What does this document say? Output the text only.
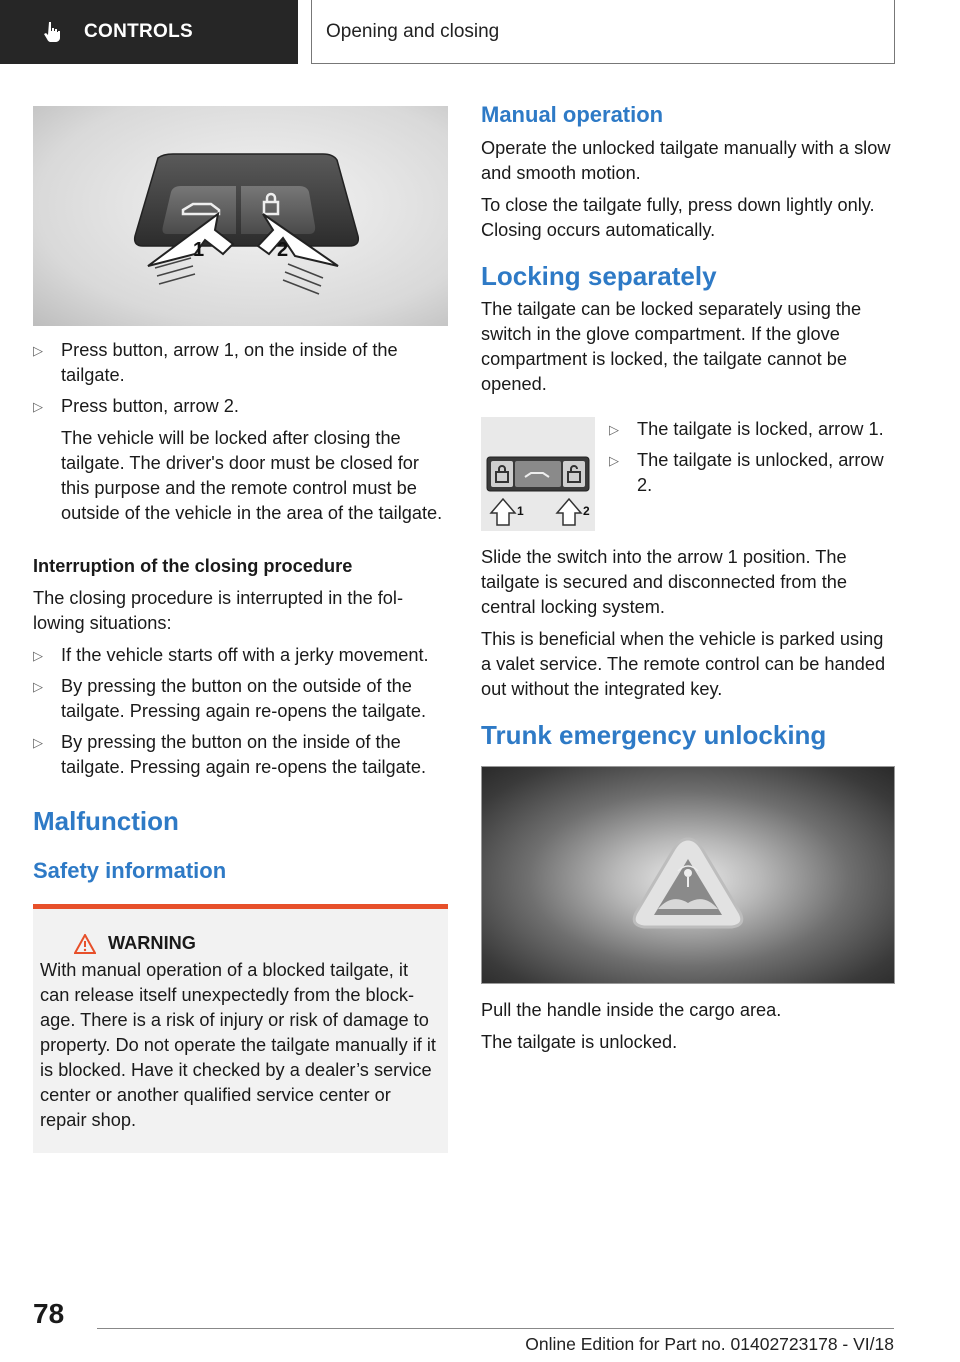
CONTROLS	Opening and closing
1	2
▷ Press button, arrow 1, on the inside of the tailgate.
▷ Press button, arrow 2.
The vehicle will be locked after closing the tailgate. The driver's door must be closed for this purpose and the remote control must be outside of the vehicle in the area of the tailgate.
Interruption of the closing procedure

The closing procedure is interrupted in the following situations:

▷ If the vehicle starts off with a jerky movement.
▷ By pressing the button on the outside of the tailgate. Pressing again re-opens the tailgate.
▷ By pressing the button on the inside of the tailgate. Pressing again re-opens the tailgate.
Malfunction
Safety information
WARNING

With manual operation of a blocked tailgate, it can release itself unexpectedly from the blockage. There is a risk of injury or risk of damage to property. Do not operate the tailgate manually if it is blocked. Have it checked by a dealer’s service center or another qualified service center or repair shop.

Manual operation

Operate the unlocked tailgate manually with a slow and smooth motion.

To close the tailgate fully, press down lightly only. Closing occurs automatically.

Locking separately

The tailgate can be locked separately using the switch in the glove compartment. If the glove compartment is locked, the tailgate cannot be opened.

1	2
▷ The tailgate is locked, arrow 1.
▷ The tailgate is unlocked, arrow 2.

Slide the switch into the arrow 1 position. The tailgate is secured and disconnected from the central locking system.

This is beneficial when the vehicle is parked using a valet service. The remote control can be handed out without the integrated key.

Trunk emergency unlocking

Pull the handle inside the cargo area.

The tailgate is unlocked.

78
Online Edition for Part no. 01402723178 - VI/18
